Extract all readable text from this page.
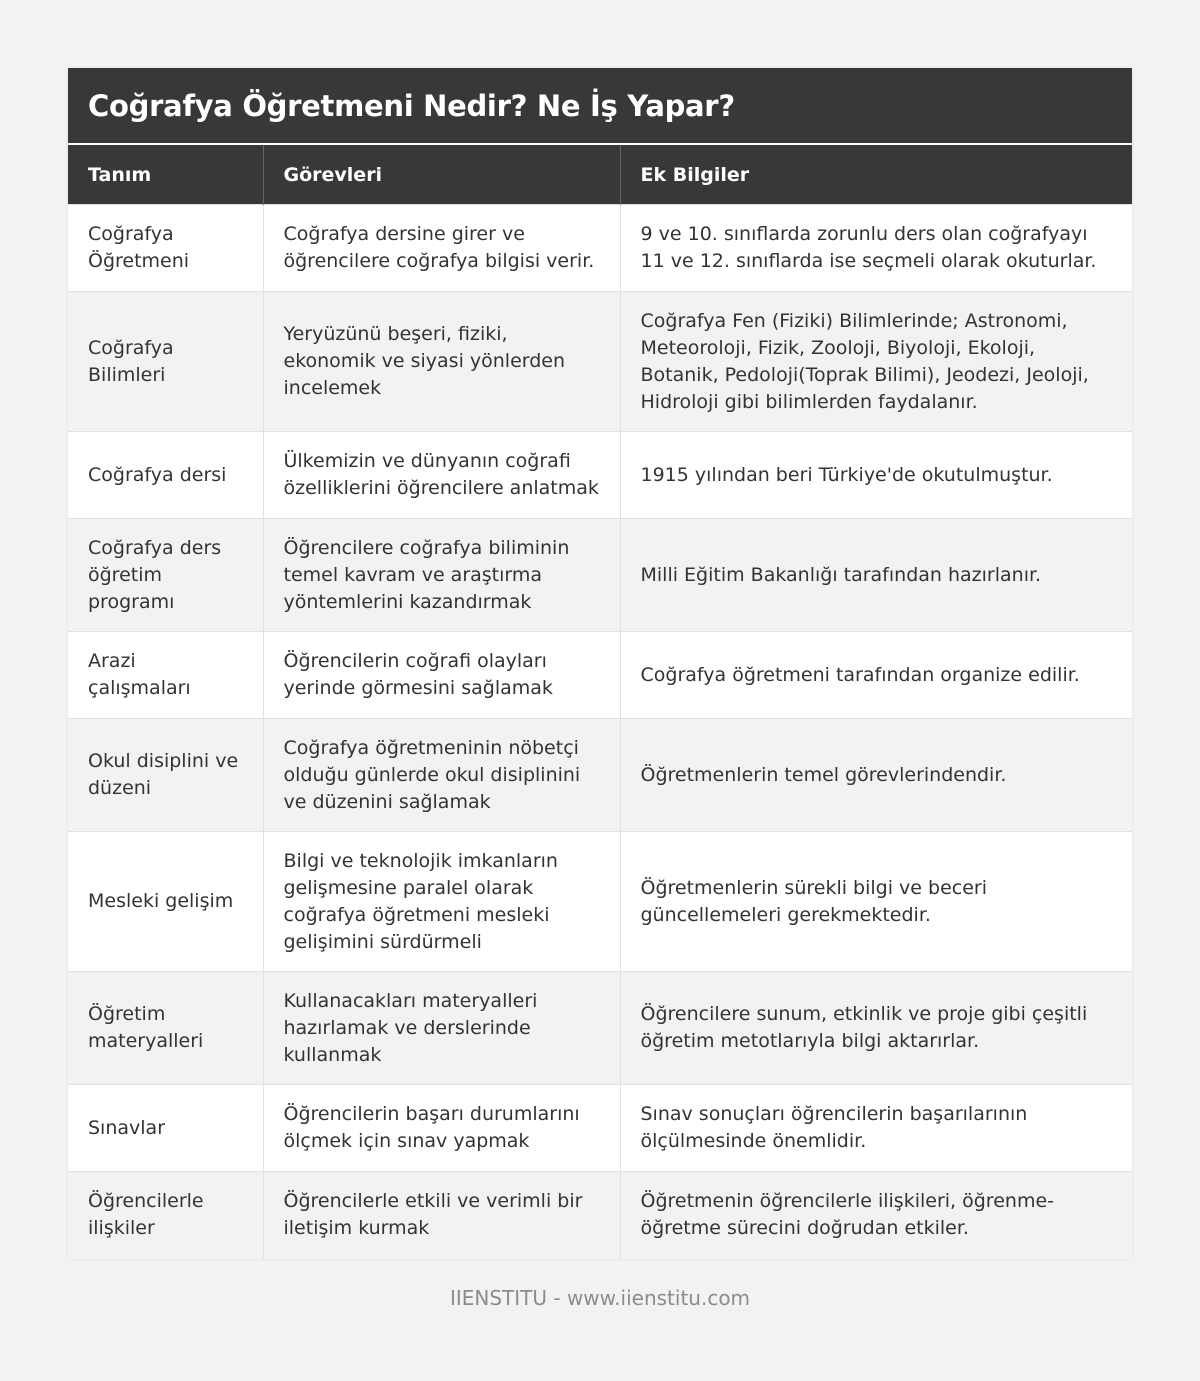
Coğrafya Öğretmeni Nedir? Ne İş Yapar?
Tanım	Görevleri	Ek Bilgiler
Coğrafya Öğretmeni	Coğrafya dersine girer ve öğrencilere coğrafya bilgisi verir.	9 ve 10. sınıflarda zorunlu ders olan coğrafyayı 11 ve 12. sınıflarda ise seçmeli olarak okuturlar.
Coğrafya Bilimleri	Yeryüzünü beşeri, fiziki, ekonomik ve siyasi yönlerden incelemek	Coğrafya Fen (Fiziki) Bilimlerinde; Astronomi, Meteoroloji, Fizik, Zooloji, Biyoloji, Ekoloji, Botanik, Pedoloji(Toprak Bilimi), Jeodezi, Jeoloji, Hidroloji gibi bilimlerden faydalanır.
Coğrafya dersi	Ülkemizin ve dünyanın coğrafi özelliklerini öğrencilere anlatmak	1915 yılından beri Türkiye'de okutulmuştur.
Coğrafya ders öğretim programı	Öğrencilere coğrafya biliminin temel kavram ve araştırma yöntemlerini kazandırmak	Milli Eğitim Bakanlığı tarafından hazırlanır.
Arazi çalışmaları	Öğrencilerin coğrafi olayları yerinde görmesini sağlamak	Coğrafya öğretmeni tarafından organize edilir.
Okul disiplini ve düzeni	Coğrafya öğretmeninin nöbetçi olduğu günlerde okul disiplinini ve düzenini sağlamak	Öğretmenlerin temel görevlerindendir.
Mesleki gelişim	Bilgi ve teknolojik imkanların gelişmesine paralel olarak coğrafya öğretmeni mesleki gelişimini sürdürmeli	Öğretmenlerin sürekli bilgi ve beceri güncellemeleri gerekmektedir.
Öğretim materyalleri	Kullanacakları materyalleri hazırlamak ve derslerinde kullanmak	Öğrencilere sunum, etkinlik ve proje gibi çeşitli öğretim metotlarıyla bilgi aktarırlar.
Sınavlar	Öğrencilerin başarı durumlarını ölçmek için sınav yapmak	Sınav sonuçları öğrencilerin başarılarının ölçülmesinde önemlidir.
Öğrencilerle ilişkiler	Öğrencilerle etkili ve verimli bir iletişim kurmak	Öğretmenin öğrencilerle ilişkileri, öğrenme-öğretme sürecini doğrudan etkiler.
IIENSTITU - www.iienstitu.com
